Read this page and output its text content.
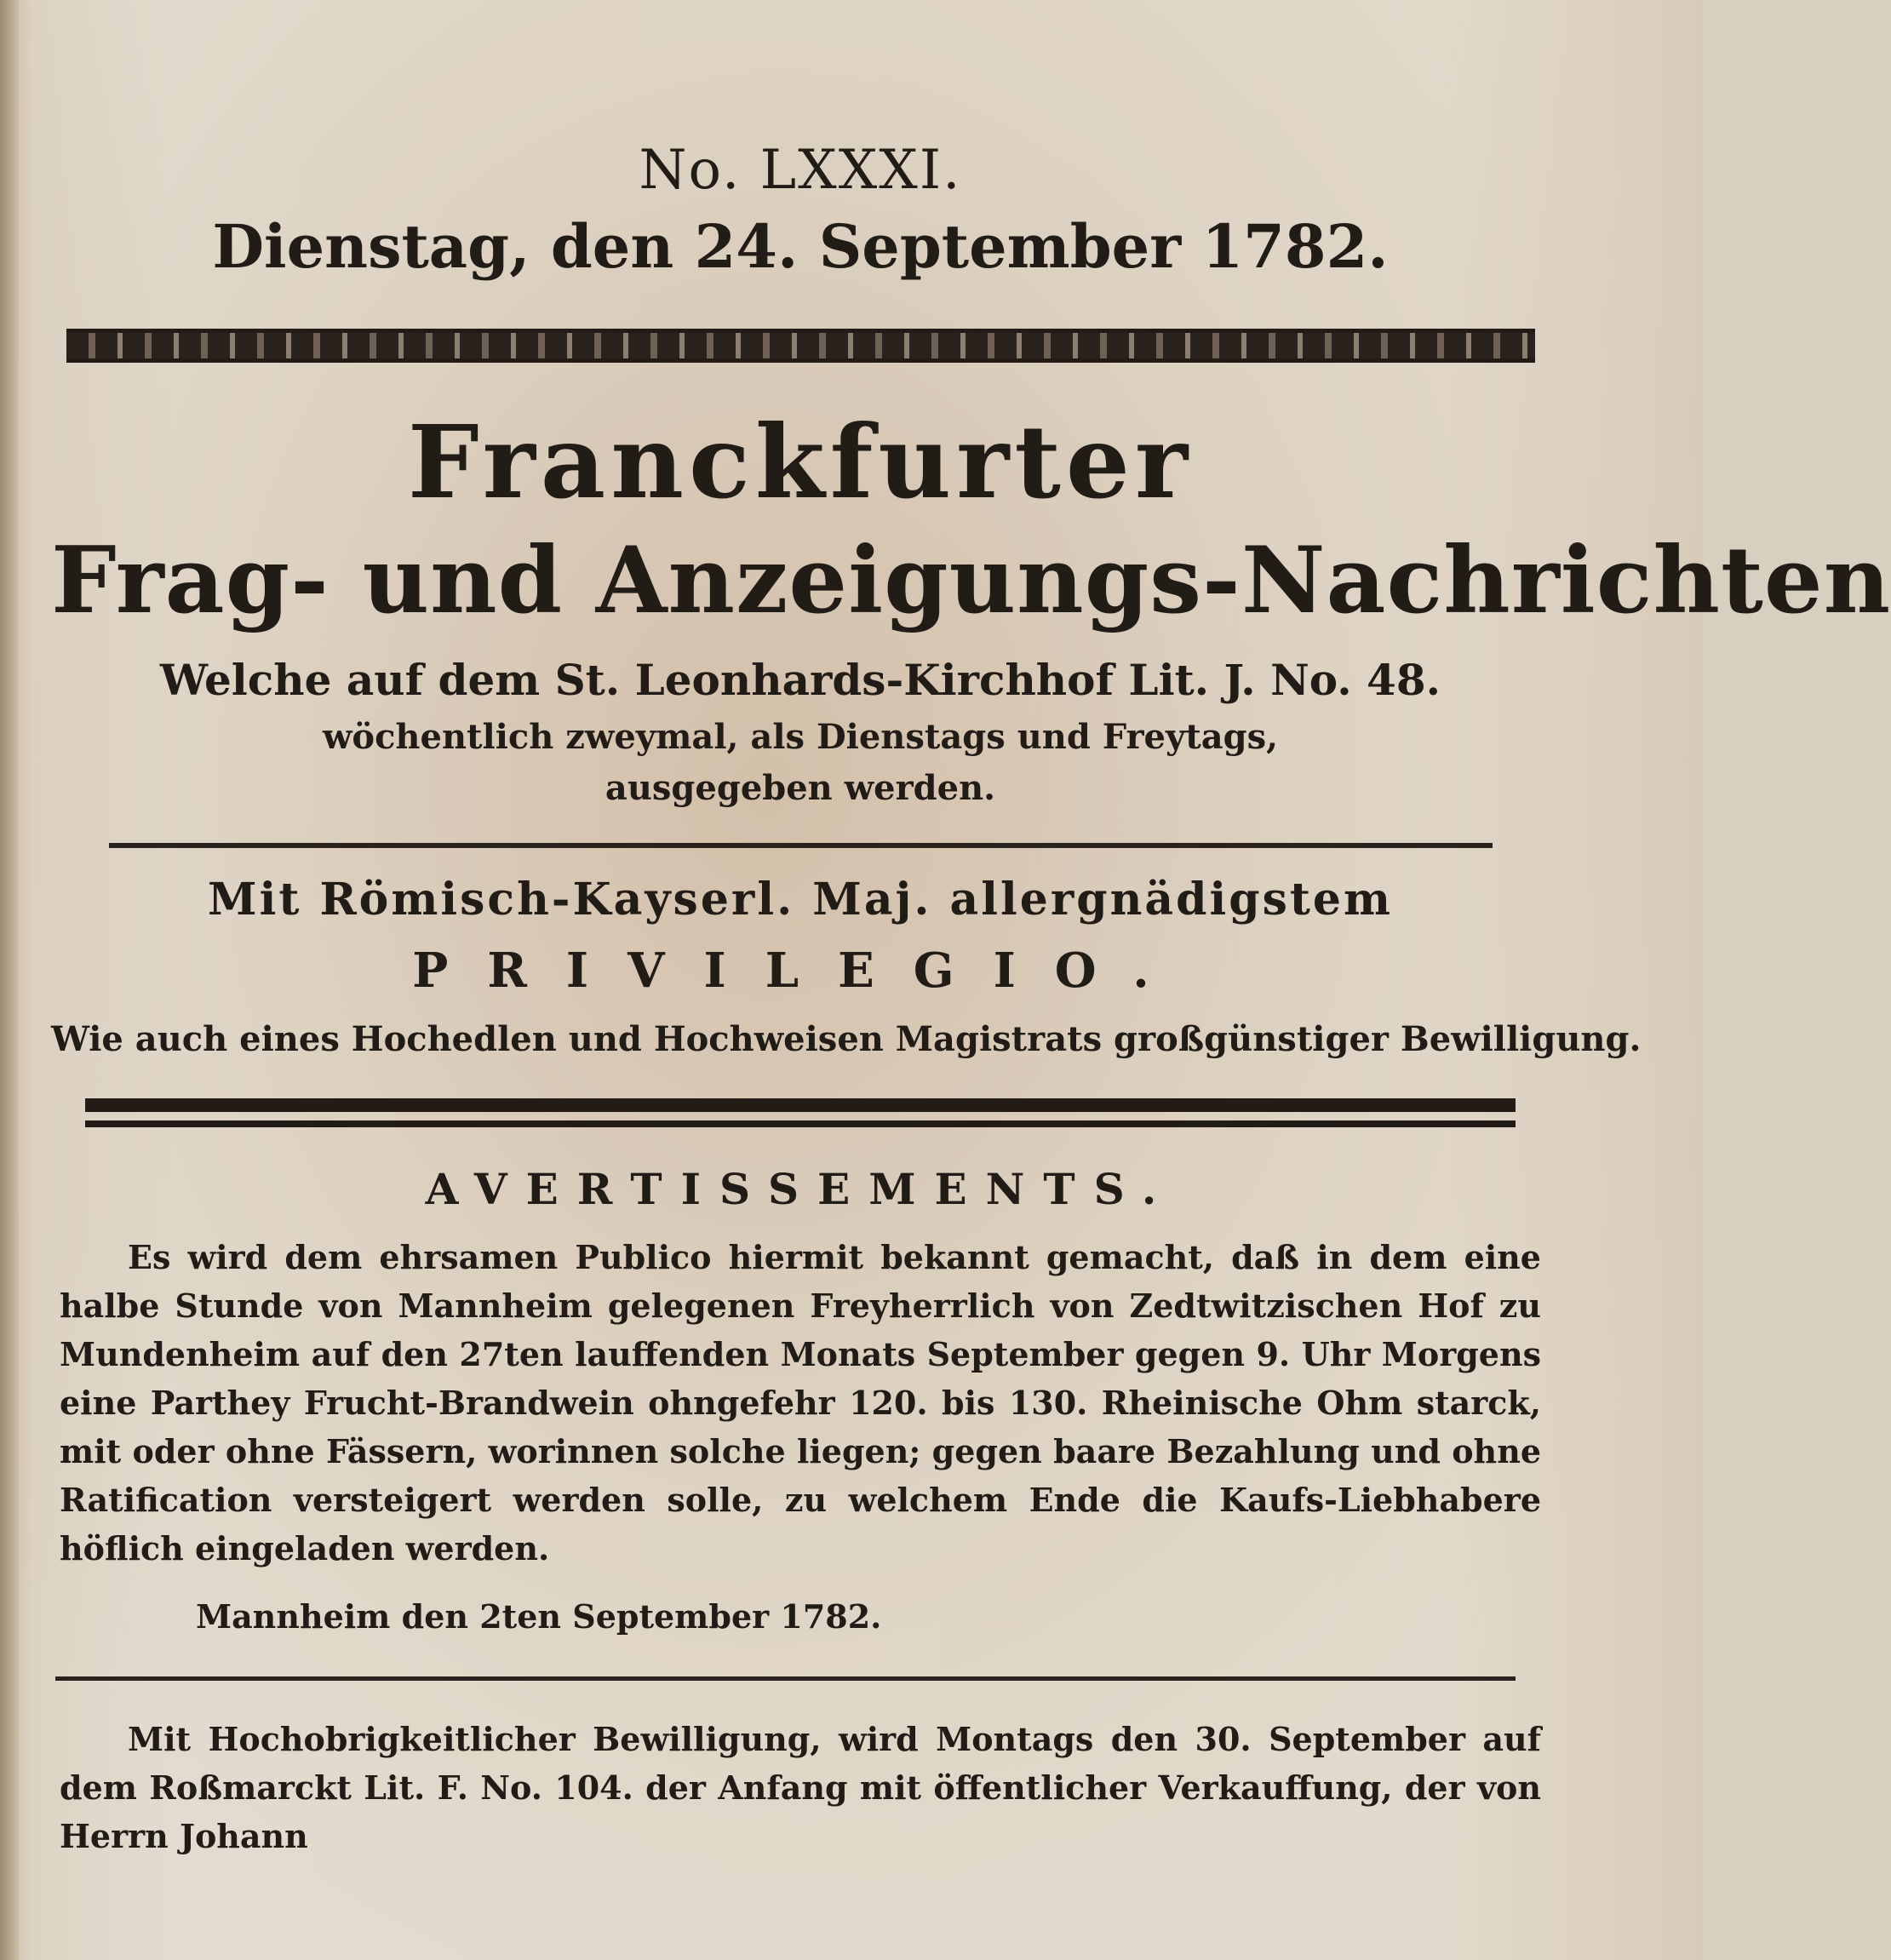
No. LXXXI.

Dienstag, den 24. September 1782.

Franckfurter

Frag- und Anzeigungs-Nachrichten

Welche auf dem St. Leonhards-Kirchhof Lit. J. No. 48.

wöchentlich zweymal, als Dienstags und Freytags,

ausgegeben werden.

Mit Römisch-Kayserl. Maj. allergnädigstem

PRIVILEGIO.

Wie auch eines Hochedlen und Hochweisen Magistrats großgünstiger Bewilligung.

AVERTISSEMENTS.

Es wird dem ehrsamen Publico hiermit bekannt gemacht, daß in dem eine halbe Stunde von Mannheim gelegenen Freyherrlich von Zedtwitzischen Hof zu Mundenheim auf den 27ten lauffenden Monats September gegen 9. Uhr Morgens eine Parthey Frucht-Brandwein ohngefehr 120. bis 130. Rheinische Ohm starck, mit oder ohne Fässern, worinnen solche liegen; gegen baare Bezahlung und ohne Ratification versteigert werden solle, zu welchem Ende die Kaufs-Liebhabere höflich eingeladen werden.

Mannheim den 2ten September 1782.

Mit Hochobrigkeitlicher Bewilligung, wird Montags den 30. September auf dem Roßmarckt Lit. F. No. 104. der Anfang mit öffentlicher Verkauffung, der von Herrn Johann
